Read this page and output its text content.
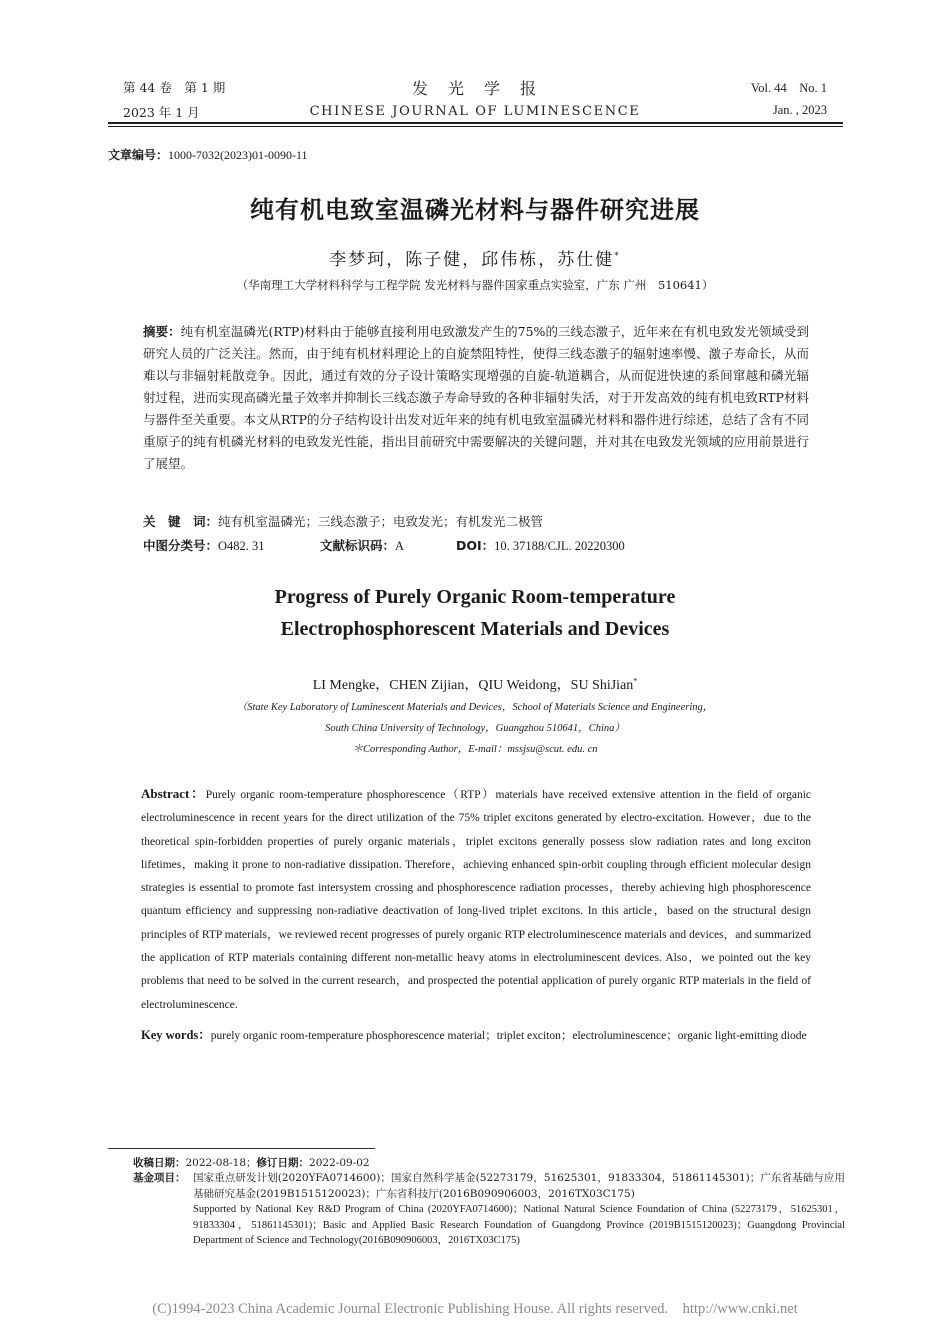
第 44 卷　第 1 期
2023 年 1 月
发　光　学　报
CHINESE JOURNAL OF LUMINESCENCE
Vol. 44　No. 1
Jan. , 2023
文章编号：1000-7032(2023)01-0090-11
纯有机电致室温磷光材料与器件研究进展
李梦珂，陈子健，邱伟栋，苏仕健*
（华南理工大学材料科学与工程学院 发光材料与器件国家重点实验室，广东 广州　510641）
摘要：纯有机室温磷光(RTP)材料由于能够直接利用电致激发产生的75%的三线态激子，近年来在有机电致发光领域受到研究人员的广泛关注。然而，由于纯有机材料理论上的自旋禁阻特性，使得三线态激子的辐射速率慢、激子寿命长，从而难以与非辐射耗散竞争。因此，通过有效的分子设计策略实现增强的自旋-轨道耦合，从而促进快速的系间窜越和磷光辐射过程，进而实现高磷光量子效率并抑制长三线态激子寿命导致的各种非辐射失活，对于开发高效的纯有机电致RTP材料与器件至关重要。本文从RTP的分子结构设计出发对近年来的纯有机电致室温磷光材料和器件进行综述，总结了含有不同重原子的纯有机磷光材料的电致发光性能，指出目前研究中需要解决的关键问题，并对其在电致发光领域的应用前景进行了展望。
关　键　词：纯有机室温磷光；三线态激子；电致发光；有机发光二极管
中图分类号：O482. 31	文献标识码：A	DOI：10. 37188/CJL. 20220300
Progress of Purely Organic Room-temperature
Electrophosphorescent Materials and Devices
LI Mengke，CHEN Zijian，QIU Weidong，SU ShiJian*
（State Key Laboratory of Luminescent Materials and Devices，School of Materials Science and Engineering，
South China University of Technology，Guangzhou 510641，China）
＊Corresponding Author，E-mail：mssjsu@scut. edu. cn
Abstract：Purely organic room-temperature phosphorescence（RTP）materials have received extensive attention in the field of organic electroluminescence in recent years for the direct utilization of the 75% triplet excitons generated by electro-excitation. However，due to the theoretical spin-forbidden properties of purely organic materials，triplet excitons generally possess slow radiation rates and long exciton lifetimes，making it prone to non-radiative dissipation. Therefore，achieving enhanced spin-orbit coupling through efficient molecular design strategies is essential to promote fast intersystem crossing and phosphorescence radiation processes，thereby achieving high phosphorescence quantum efficiency and suppressing non-radiative deactivation of long-lived triplet excitons. In this article，based on the structural design principles of RTP materials，we reviewed recent progresses of purely organic RTP electroluminescence materials and devices，and summarized the application of RTP materials containing different non-metallic heavy atoms in electroluminescent devices. Also，we pointed out the key problems that need to be solved in the current research，and prospected the potential application of purely organic RTP materials in the field of electroluminescence.
Key words：purely organic room-temperature phosphorescence material；triplet exciton；electroluminescence；organic light-emitting diode
收稿日期：2022-08-18；修订日期：2022-09-02
基金项目： 国家重点研发计划(2020YFA0714600)；国家自然科学基金(52273179，51625301，91833304，51861145301)；广东省基础与应用基础研究基金(2019B1515120023)；广东省科技厅(2016B090906003，2016TX03C175)
Supported by National Key R&D Program of China (2020YFA0714600)；National Natural Science Foundation of China (52273179，51625301，91833304，51861145301)；Basic and Applied Basic Research Foundation of Guangdong Province (2019B1515120023)；Guangdong Provincial Department of Science and Technology(2016B090906003，2016TX03C175)
(C)1994-2023 China Academic Journal Electronic Publishing House. All rights reserved.　http://www.cnki.net
